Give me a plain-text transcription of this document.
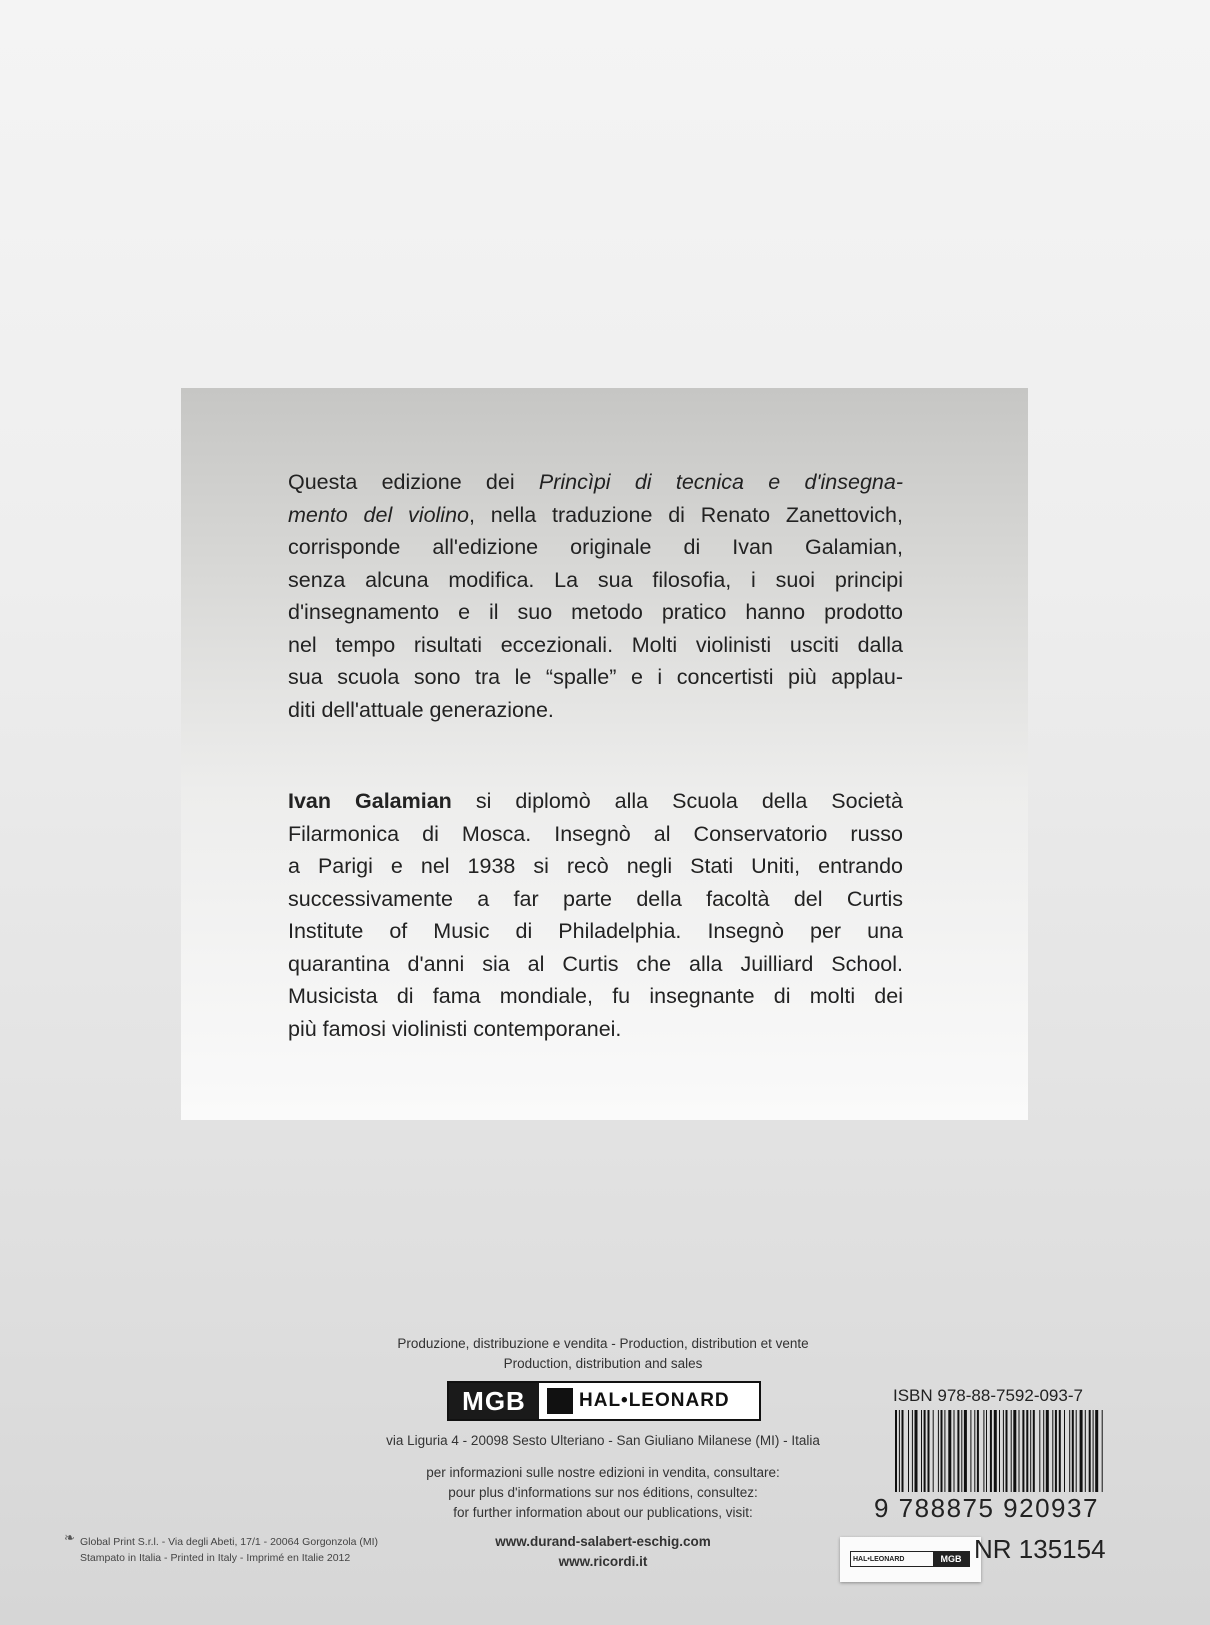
Questa edizione dei Princìpi di tecnica e d'insegna-
mento del violino, nella traduzione di Renato Zanettovich,
corrisponde all'edizione originale di Ivan Galamian,
senza alcuna modifica. La sua filosofia, i suoi principi
d'insegnamento e il suo metodo pratico hanno prodotto
nel tempo risultati eccezionali. Molti violinisti usciti dalla
sua scuola sono tra le “spalle” e i concertisti più applau-
diti dell'attuale generazione.
Ivan Galamian si diplomò alla Scuola della Società
Filarmonica di Mosca. Insegnò al Conservatorio russo
a Parigi e nel 1938 si recò negli Stati Uniti, entrando
successivamente a far parte della facoltà del Curtis
Institute of Music di Philadelphia. Insegnò per una
quarantina d'anni sia al Curtis che alla Juilliard School.
Musicista di fama mondiale, fu insegnante di molti dei
più famosi violinisti contemporanei.
Produzione, distribuzione e vendita - Production, distribution et vente
Production, distribution and sales
MGB	HAL•LEONARD
via Liguria 4 - 20098 Sesto Ulteriano - San Giuliano Milanese (MI) - Italia
per informazioni sulle nostre edizioni in vendita, consultare:
pour plus d'informations sur nos éditions, consultez:
for further information about our publications, visit:
www.durand-salabert-eschig.com
www.ricordi.it
❧ Global Print S.r.l. - Via degli Abeti, 17/1 - 20064 Gorgonzola (MI)
Stampato in Italia - Printed in Italy - Imprimé en Italie 2012
ISBN 978-88-7592-093-7
9 788875 920937
HAL•LEONARD	MGB NR 135154
